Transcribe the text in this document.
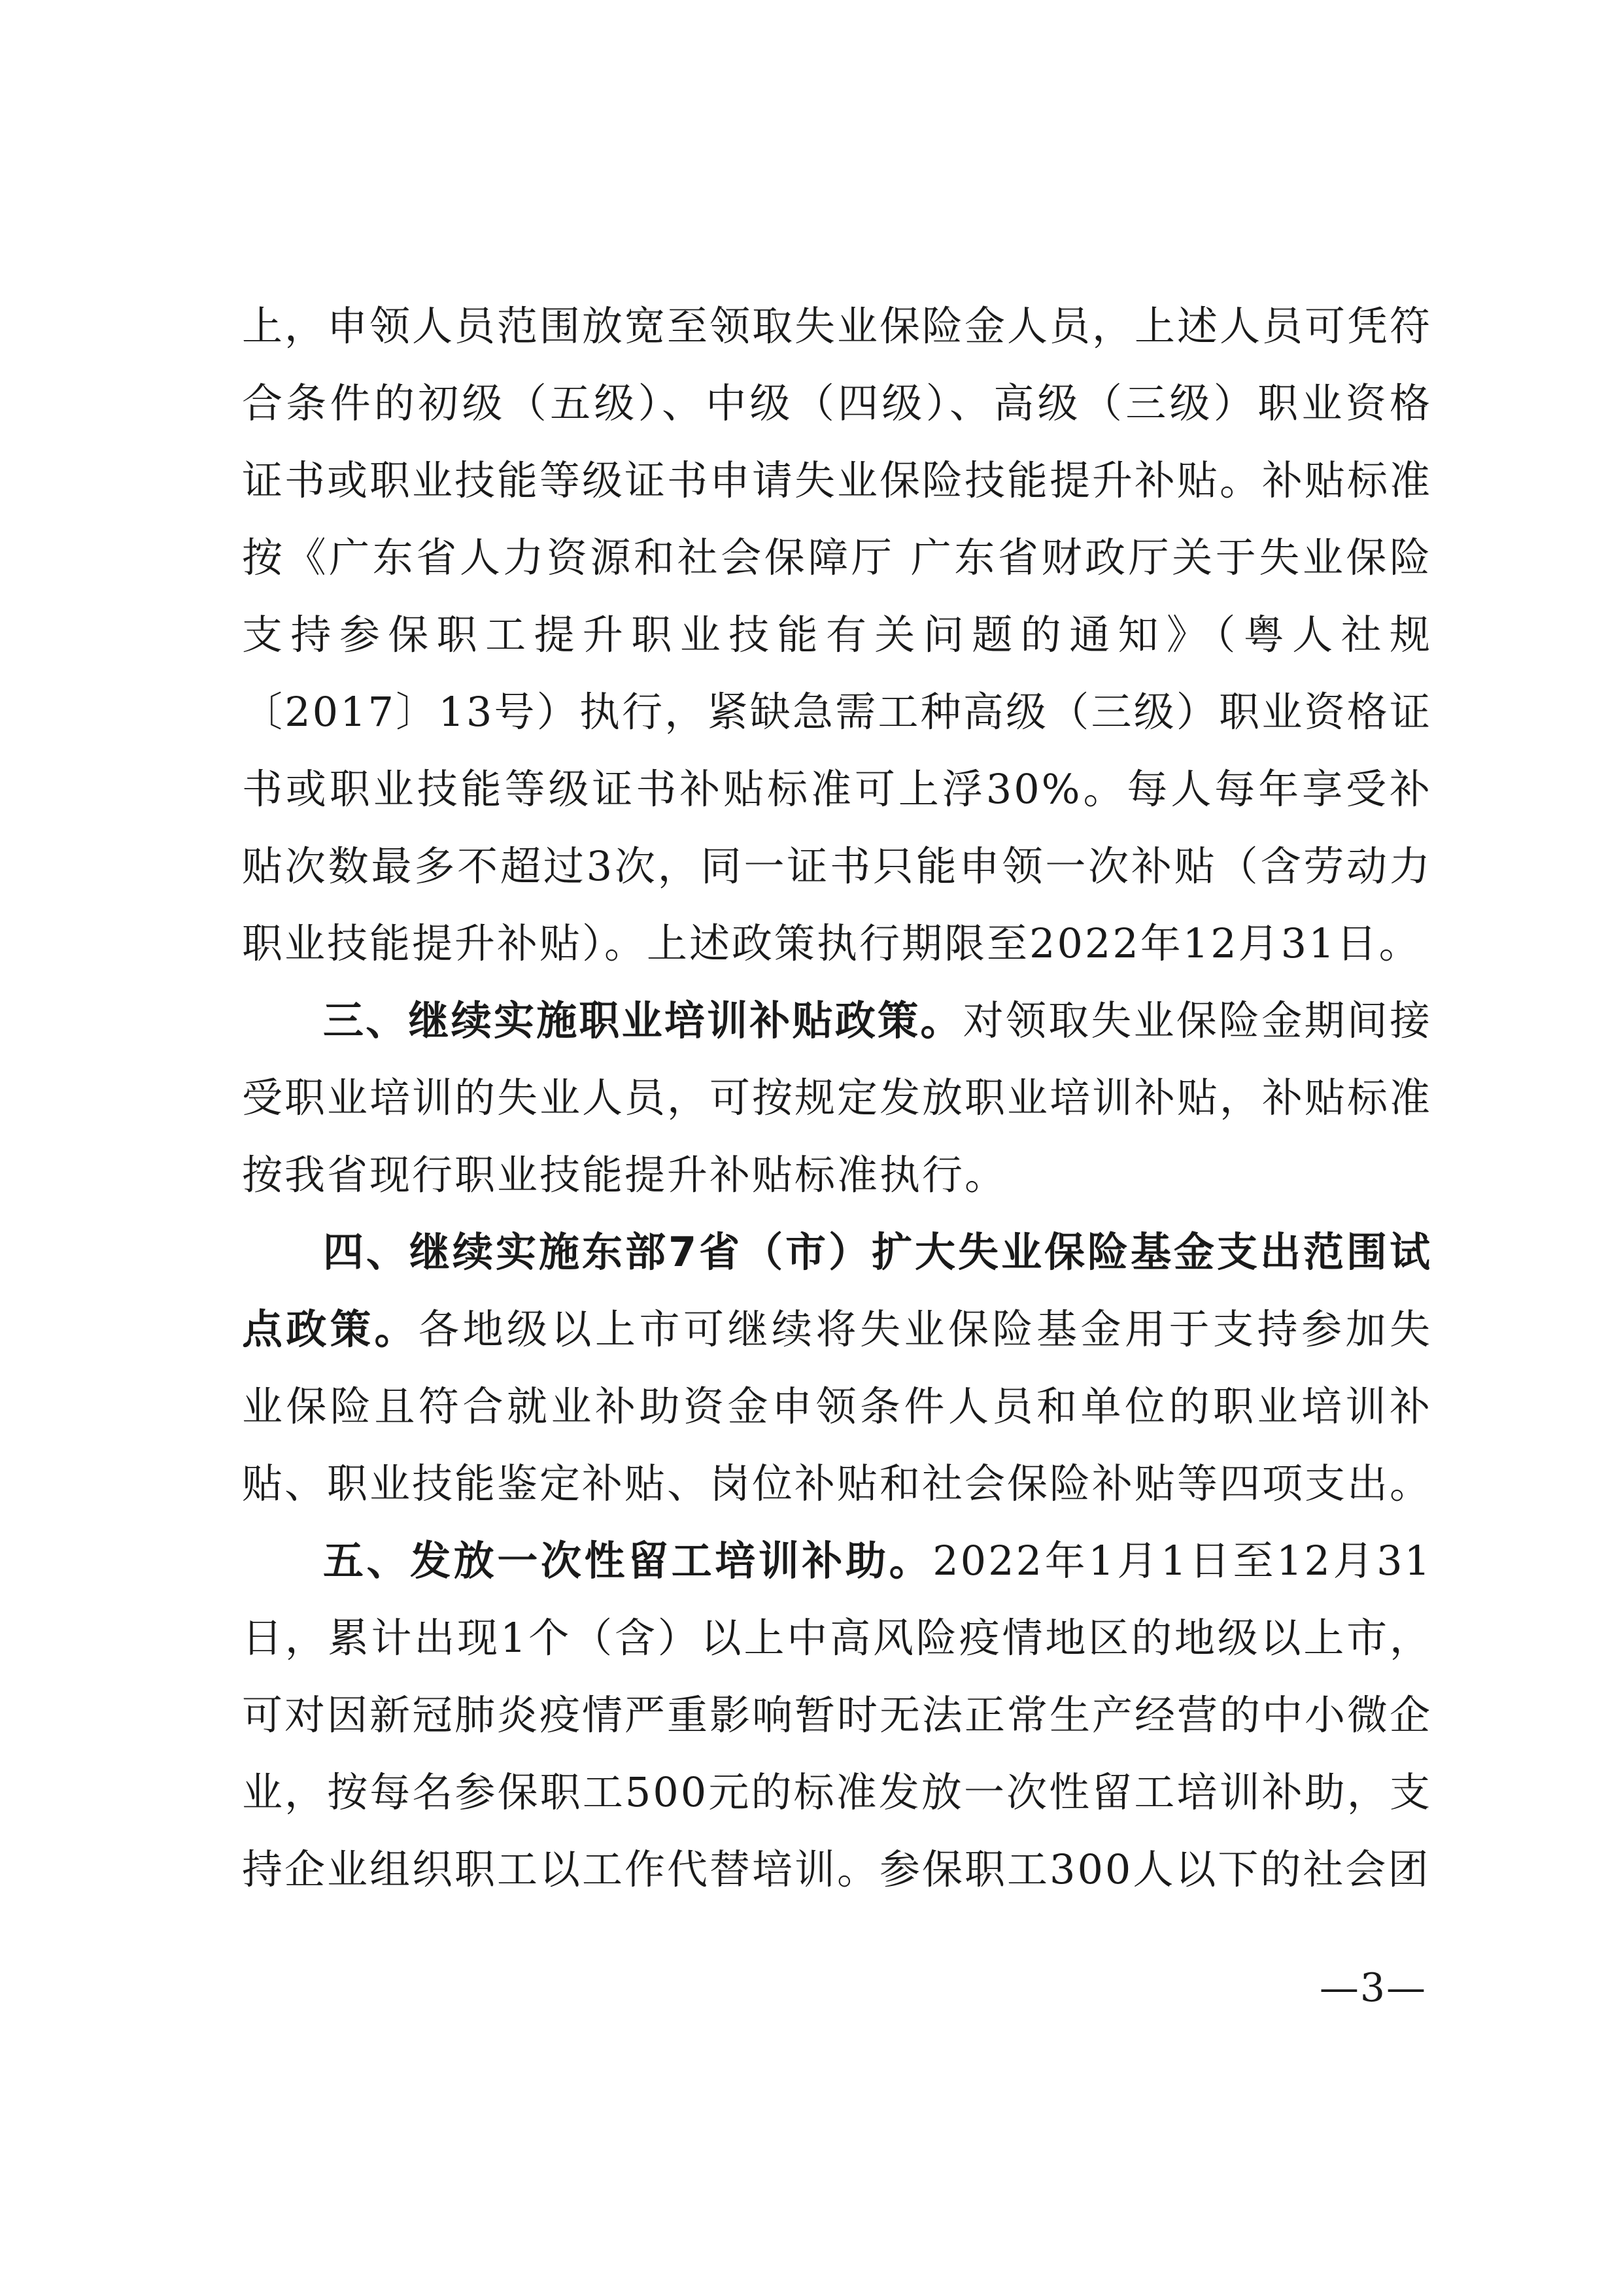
上，申领人员范围放宽至领取失业保险金人员，上述人员可凭符合条件的初级（五级）、中级（四级）、高级（三级）职业资格证书或职业技能等级证书申请失业保险技能提升补贴。补贴标准按《广东省人力资源和社会保障厅 广东省财政厅关于失业保险支持参保职工提升职业技能有关问题的通知》（粤人社规〔2017〕13号）执行，紧缺急需工种高级（三级）职业资格证书或职业技能等级证书补贴标准可上浮30%。每人每年享受补贴次数最多不超过3次，同一证书只能申领一次补贴（含劳动力职业技能提升补贴）。上述政策执行期限至2022年12月31日。

三、继续实施职业培训补贴政策。对领取失业保险金期间接受职业培训的失业人员，可按规定发放职业培训补贴，补贴标准按我省现行职业技能提升补贴标准执行。

四、继续实施东部7省（市）扩大失业保险基金支出范围试点政策。各地级以上市可继续将失业保险基金用于支持参加失业保险且符合就业补助资金申领条件人员和单位的职业培训补贴、职业技能鉴定补贴、岗位补贴和社会保险补贴等四项支出。

五、发放一次性留工培训补助。2022年1月1日至12月31日，累计出现1个（含）以上中高风险疫情地区的地级以上市，可对因新冠肺炎疫情严重影响暂时无法正常生产经营的中小微企业，按每名参保职工500元的标准发放一次性留工培训补助，支持企业组织职工以工作代替培训。参保职工300人以下的社会团

—3—
